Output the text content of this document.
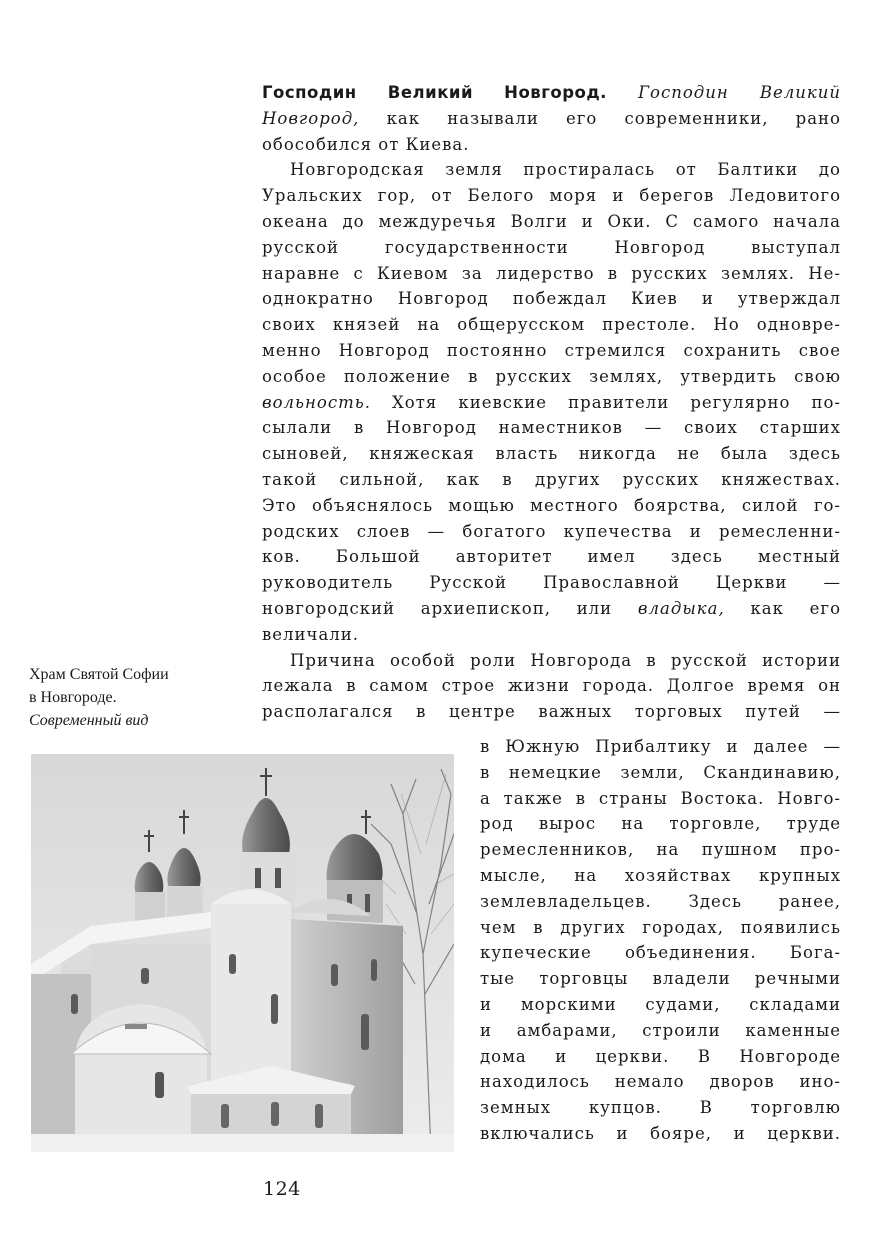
Господин Великий Новгород. Господин Великий
Новгород, как называли его современники, рано
обособился от Киева.
Новгородская земля простиралась от Балтики до
Уральских гор, от Белого моря и берегов Ледовитого
океана до междуречья Волги и Оки. С самого начала
русской государственности Новгород выступал
наравне с Киевом за лидерство в русских землях. Не-
однократно Новгород побеждал Киев и утверждал
своих князей на общерусском престоле. Но одновре-
менно Новгород постоянно стремился сохранить свое
особое положение в русских землях, утвердить свою
вольность. Хотя киевские правители регулярно по-
сылали в Новгород наместников — своих старших
сыновей, княжеская власть никогда не была здесь
такой сильной, как в других русских княжествах.
Это объяснялось мощью местного боярства, силой го-
родских слоев — богатого купечества и ремесленни-
ков. Большой авторитет имел здесь местный
руководитель Русской Православной Церкви —
новгородский архиепископ, или владыка, как его
величали.
Причина особой роли Новгорода в русской истории
лежала в самом строе жизни города. Долгое время он
располагался в центре важных торговых путей —
в Южную Прибалтику и далее —
в немецкие земли, Скандинавию,
а также в страны Востока. Новго-
род вырос на торговле, труде
ремесленников, на пушном про-
мысле, на хозяйствах крупных
землевладельцев. Здесь ранее,
чем в других городах, появились
купеческие объединения. Бога-
тые торговцы владели речными
и морскими судами, складами
и амбарами, строили каменные
дома и церкви. В Новгороде
находилось немало дворов ино-
земных купцов. В торговлю
включались и бояре, и церкви.
Храм Святой Софии
в Новгороде.
Современный вид
124
